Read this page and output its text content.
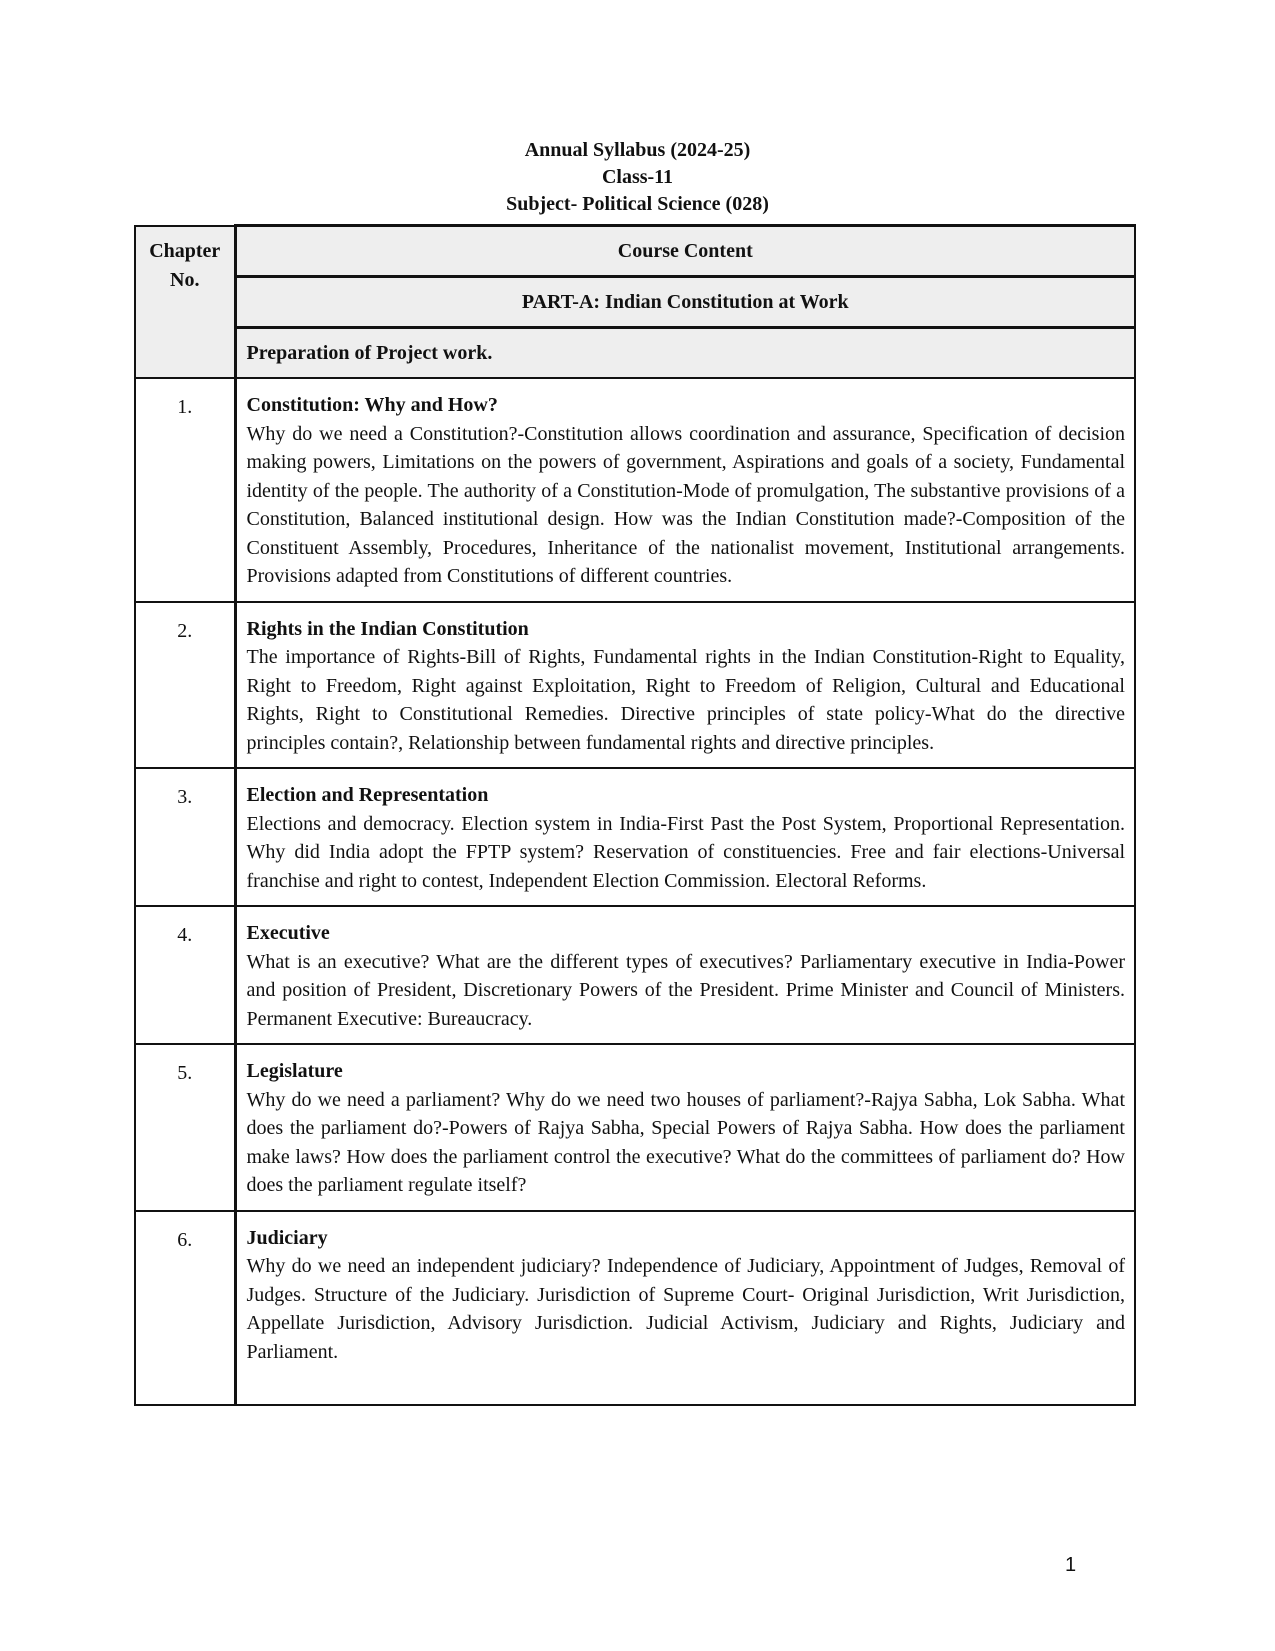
Annual Syllabus (2024-25)
Class-11
Subject- Political Science (028)
Chapter No.	Course Content
	PART-A: Indian Constitution at Work
	Preparation of Project work.
1.	Constitution: Why and How?
Why do we need a Constitution?-Constitution allows coordination and assurance, Specification of decision making powers, Limitations on the powers of government, Aspirations and goals of a society, Fundamental identity of the people. The authority of a Constitution-Mode of promulgation, The substantive provisions of a Constitution, Balanced institutional design. How was the Indian Constitution made?-Composition of the Constituent Assembly, Procedures, Inheritance of the nationalist movement, Institutional arrangements. Provisions adapted from Constitutions of different countries.

2.	Rights in the Indian Constitution
The importance of Rights-Bill of Rights, Fundamental rights in the Indian Constitution-Right to Equality, Right to Freedom, Right against Exploitation, Right to Freedom of Religion, Cultural and Educational Rights, Right to Constitutional Remedies. Directive principles of state policy-What do the directive principles contain?, Relationship between fundamental rights and directive principles.

3.	Election and Representation
Elections and democracy. Election system in India-First Past the Post System, Proportional Representation. Why did India adopt the FPTP system? Reservation of constituencies. Free and fair elections-Universal franchise and right to contest, Independent Election Commission. Electoral Reforms.

4.	Executive
What is an executive? What are the different types of executives? Parliamentary executive in India-Power and position of President, Discretionary Powers of the President. Prime Minister and Council of Ministers. Permanent Executive: Bureaucracy.

5.	Legislature
Why do we need a parliament? Why do we need two houses of parliament?-Rajya Sabha, Lok Sabha. What does the parliament do?-Powers of Rajya Sabha, Special Powers of Rajya Sabha. How does the parliament make laws? How does the parliament control the executive? What do the committees of parliament do? How does the parliament regulate itself?

6.	Judiciary
Why do we need an independent judiciary? Independence of Judiciary, Appointment of Judges, Removal of Judges. Structure of the Judiciary. Jurisdiction of Supreme Court- Original Jurisdiction, Writ Jurisdiction, Appellate Jurisdiction, Advisory Jurisdiction. Judicial Activism, Judiciary and Rights, Judiciary and Parliament.
1
